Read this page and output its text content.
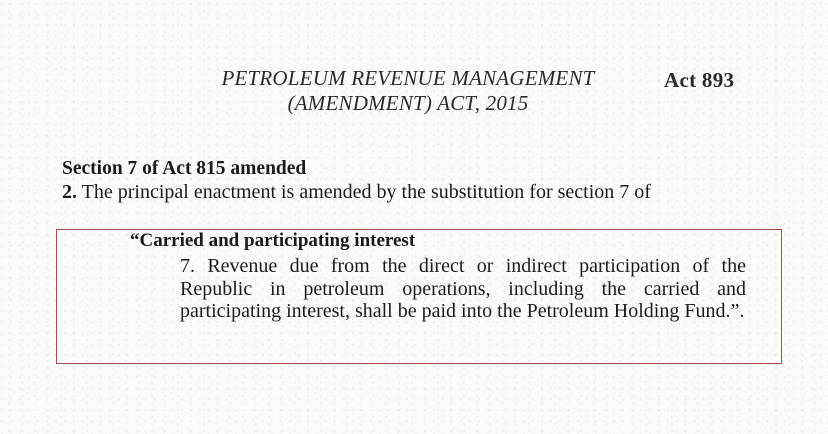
PETROLEUM REVENUE MANAGEMENT
(AMENDMENT) ACT, 2015
Act 893
Section 7 of Act 815 amended
2. The principal enactment is amended by the substitution for section 7 of
“Carried and participating interest
7. Revenue due from the direct or indirect participation of the Republic in petroleum operations, including the carried and participating interest, shall be paid into the Petroleum Holding Fund.”.
